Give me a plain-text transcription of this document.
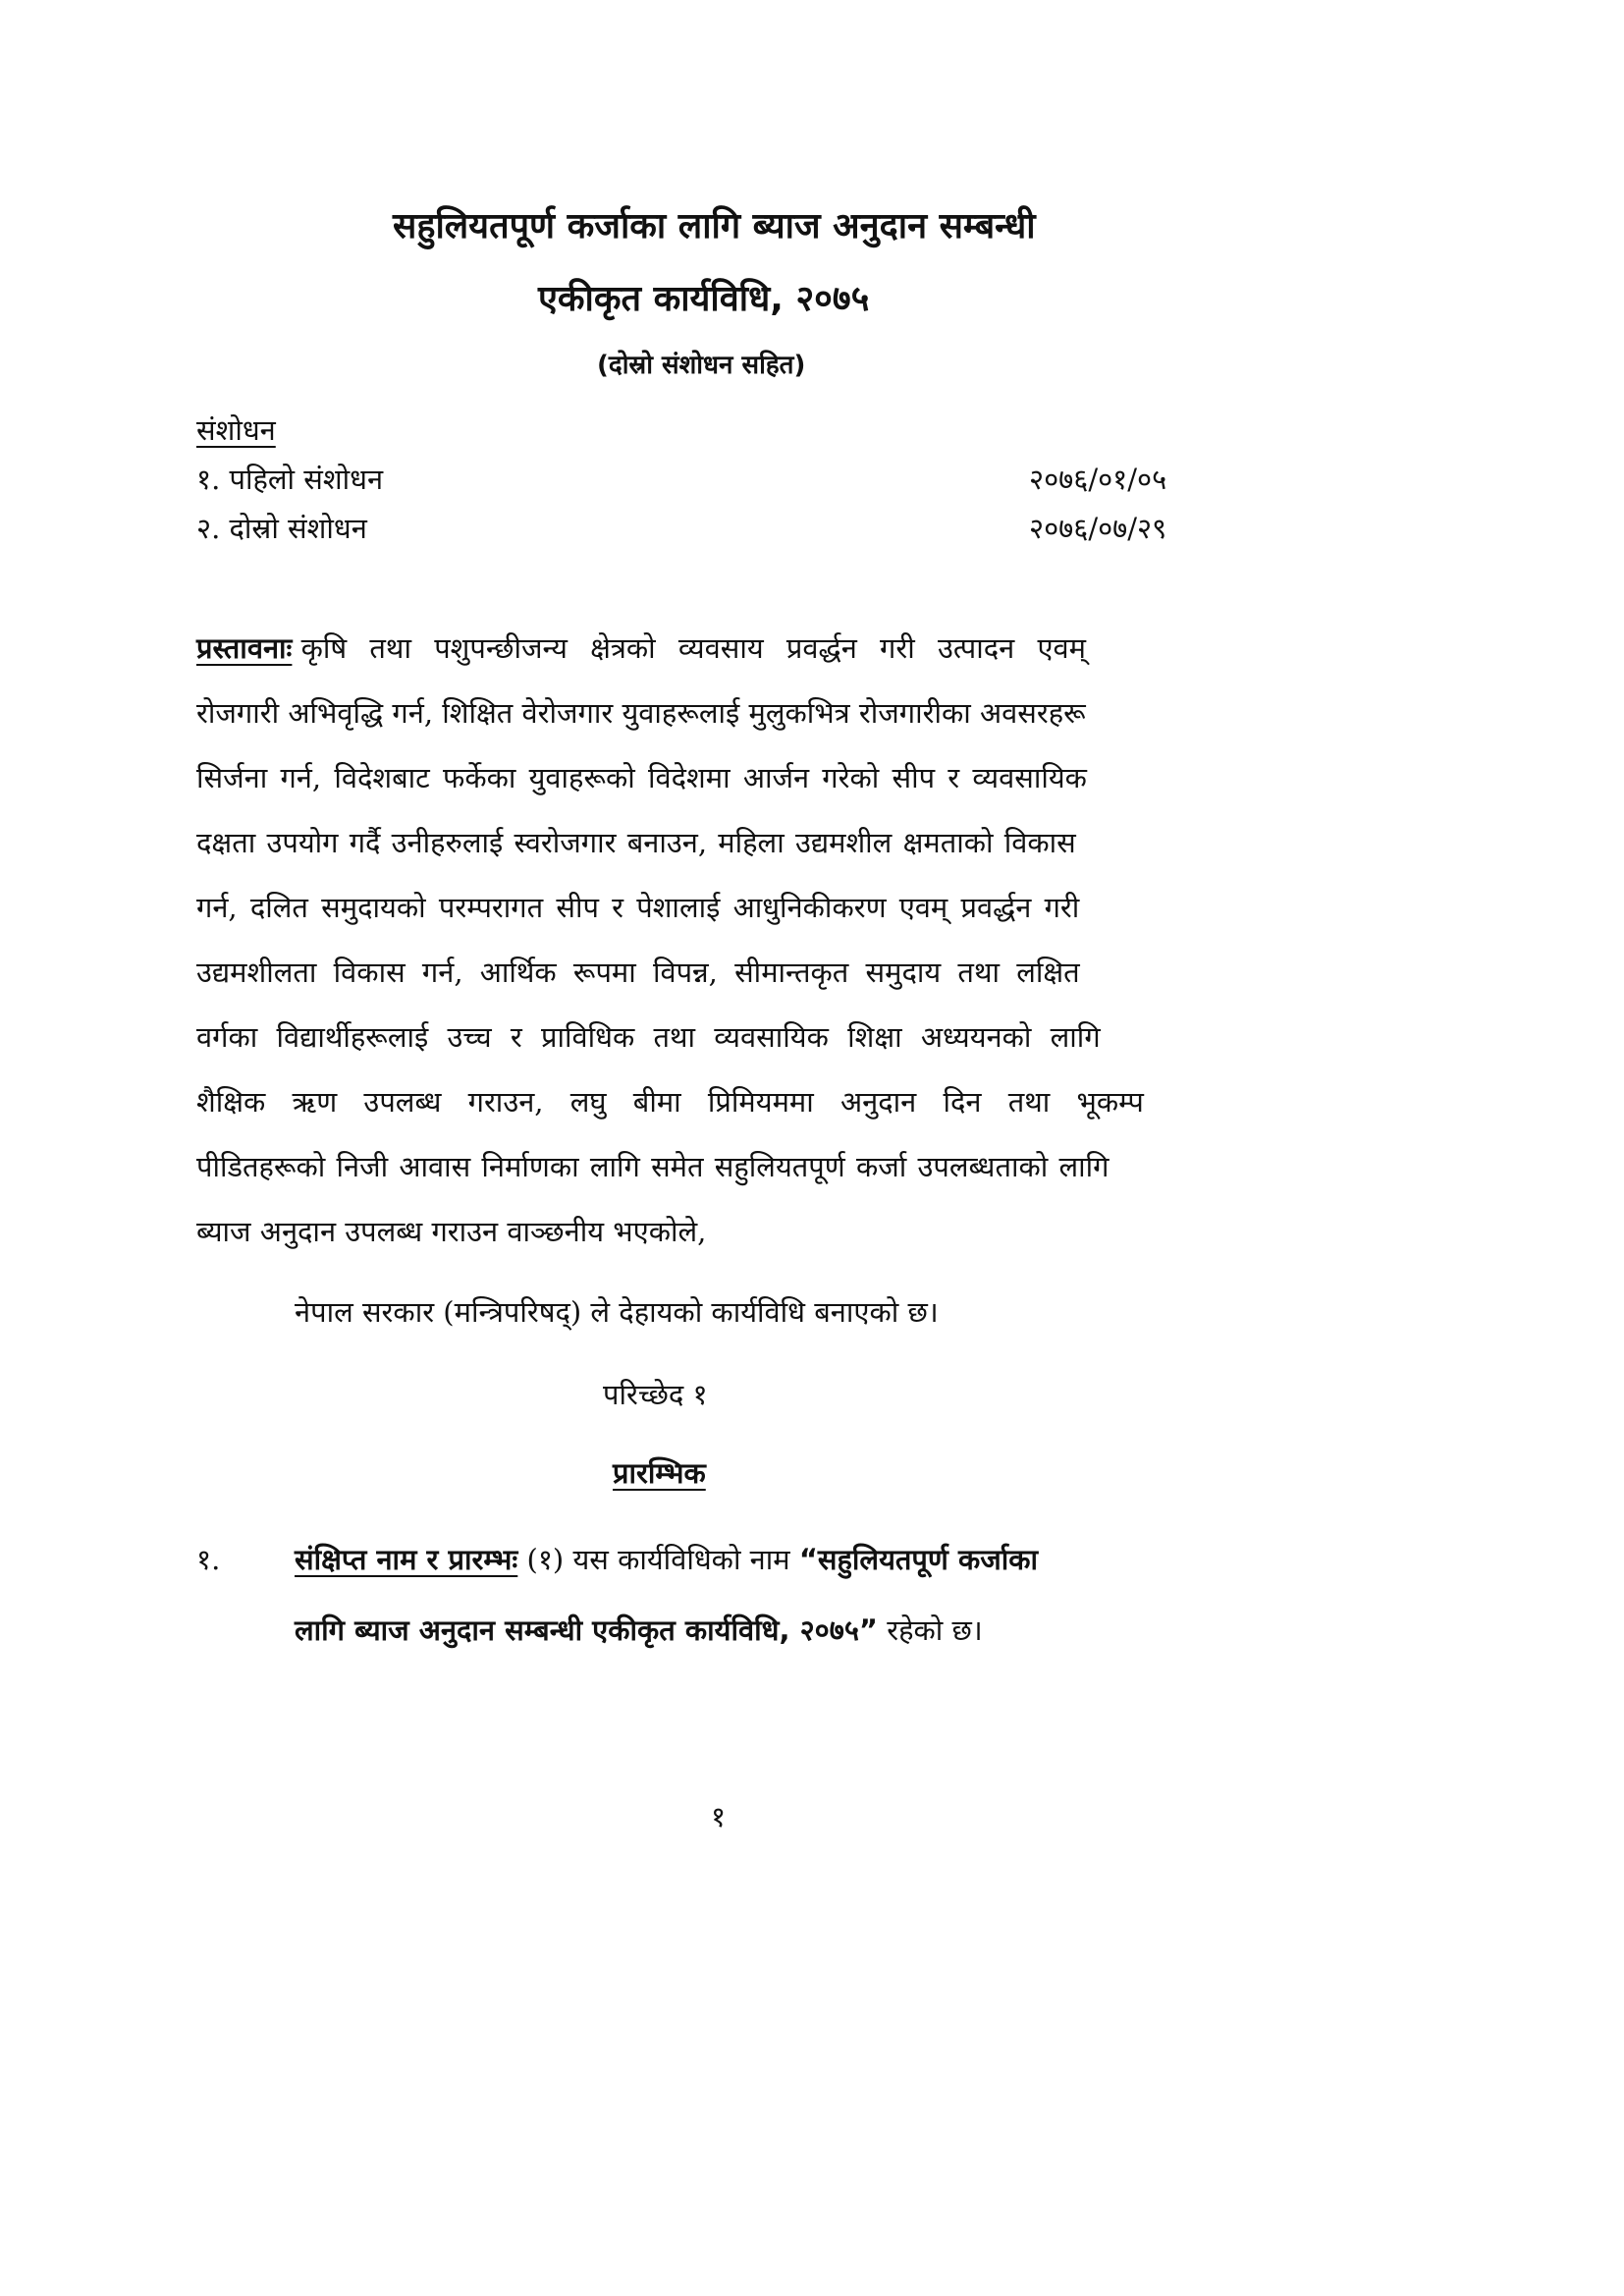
सहुलियतपूर्ण कर्जाका लागि ब्याज अनुदान सम्बन्धी
एकीकृत कार्यविधि, २०७५
(दोस्रो संशोधन सहित)
संशोधन
१. पहिलो संशोधन	२०७६/०१/०५
२. दोस्रो संशोधन	२०७६/०७/२९
प्रस्तावनाः कृषि तथा पशुपन्छीजन्य क्षेत्रको व्यवसाय प्रवर्द्धन गरी उत्पादन एवम्
रोजगारी अभिवृद्धि गर्न, शिक्षित वेरोजगार युवाहरूलाई मुलुकभित्र रोजगारीका अवसरहरू
सिर्जना गर्न, विदेशबाट फर्केका युवाहरूको विदेशमा आर्जन गरेको सीप र व्यवसायिक
दक्षता उपयोग गर्दै उनीहरुलाई स्वरोजगार बनाउन, महिला उद्यमशील क्षमताको विकास
गर्न, दलित समुदायको परम्परागत सीप र पेशालाई आधुनिकीकरण एवम् प्रवर्द्धन गरी
उद्यमशीलता विकास गर्न, आर्थिक रूपमा विपन्न, सीमान्तकृत समुदाय तथा लक्षित
वर्गका विद्यार्थीहरूलाई उच्च र प्राविधिक तथा व्यवसायिक शिक्षा अध्ययनको लागि
शैक्षिक ऋण उपलब्ध गराउन, लघु बीमा प्रिमियममा अनुदान दिन तथा भूकम्प
पीडितहरूको निजी आवास निर्माणका लागि समेत सहुलियतपूर्ण कर्जा उपलब्धताको लागि
ब्याज अनुदान उपलब्ध गराउन वाञ्छनीय भएकोले,
नेपाल सरकार (मन्त्रिपरिषद्) ले देहायको कार्यविधि बनाएको छ।
परिच्छेद १
प्रारम्भिक
१.	संक्षिप्त नाम र प्रारम्भः (१) यस कार्यविधिको नाम “सहुलियतपूर्ण कर्जाका
लागि ब्याज अनुदान सम्बन्धी एकीकृत कार्यविधि, २०७५” रहेको छ।
१
